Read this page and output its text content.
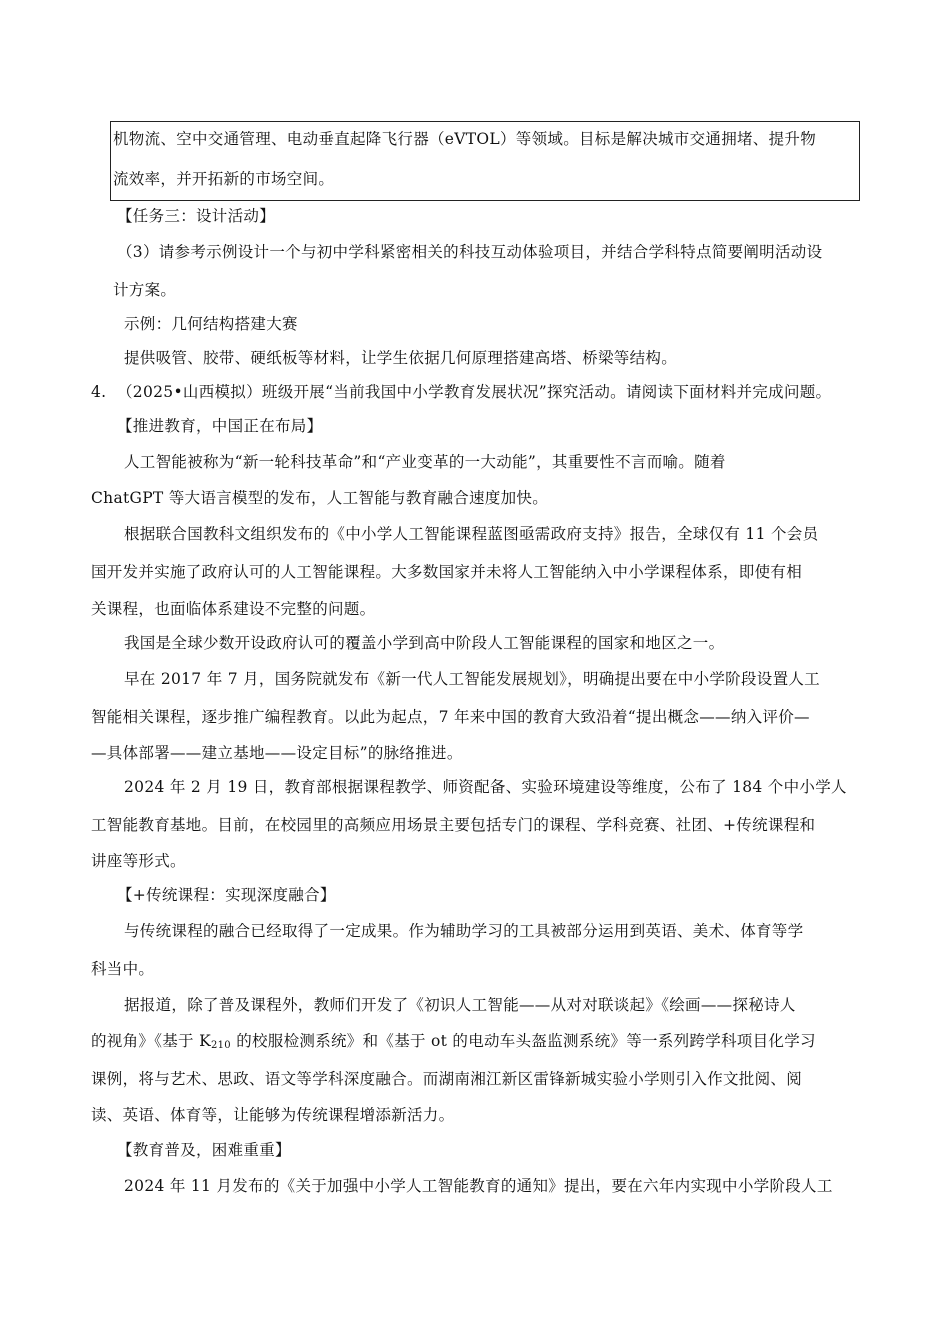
机物流、空中交通管理、电动垂直起降飞行器（eVTOL）等领域。目标是解决城市交通拥堵、提升物
流效率，并开拓新的市场空间。
【任务三：设计活动】
（3）请参考示例设计一个与初中学科紧密相关的科技互动体验项目，并结合学科特点简要阐明活动设
计方案。
示例：几何结构搭建大赛
提供吸管、胶带、硬纸板等材料，让学生依据几何原理搭建高塔、桥梁等结构。
4. （2025•山西模拟）班级开展“当前我国中小学教育发展状况”探究活动。请阅读下面材料并完成问题。
【推进教育，中国正在布局】
人工智能被称为“新一轮科技革命”和“产业变革的一大动能”，其重要性不言而喻。随着
ChatGPT 等大语言模型的发布，人工智能与教育融合速度加快。
根据联合国教科文组织发布的《中小学人工智能课程蓝图亟需政府支持》报告，全球仅有 11 个会员
国开发并实施了政府认可的人工智能课程。大多数国家并未将人工智能纳入中小学课程体系，即使有相
关课程，也面临体系建设不完整的问题。
我国是全球少数开设政府认可的覆盖小学到高中阶段人工智能课程的国家和地区之一。
早在 2017 年 7 月，国务院就发布《新一代人工智能发展规划》，明确提出要在中小学阶段设置人工
智能相关课程，逐步推广编程教育。以此为起点，7 年来中国的教育大致沿着“提出概念——纳入评价—
—具体部署——建立基地——设定目标”的脉络推进。
2024 年 2 月 19 日，教育部根据课程教学、师资配备、实验环境建设等维度，公布了 184 个中小学人
工智能教育基地。目前，在校园里的高频应用场景主要包括专门的课程、学科竞赛、社团、+传统课程和
讲座等形式。
【+传统课程：实现深度融合】
与传统课程的融合已经取得了一定成果。作为辅助学习的工具被部分运用到英语、美术、体育等学
科当中。
据报道，除了普及课程外，教师们开发了《初识人工智能——从对对联谈起》《绘画——探秘诗人
的视角》《基于 $K_{210}$ 的校服检测系统》和《基于 ot 的电动车头盔监测系统》等一系列跨学科项目化学习
课例，将与艺术、思政、语文等学科深度融合。而湖南湘江新区雷锋新城实验小学则引入作文批阅、阅
读、英语、体育等，让能够为传统课程增添新活力。
【教育普及，困难重重】
2024 年 11 月发布的《关于加强中小学人工智能教育的通知》提出，要在六年内实现中小学阶段人工
